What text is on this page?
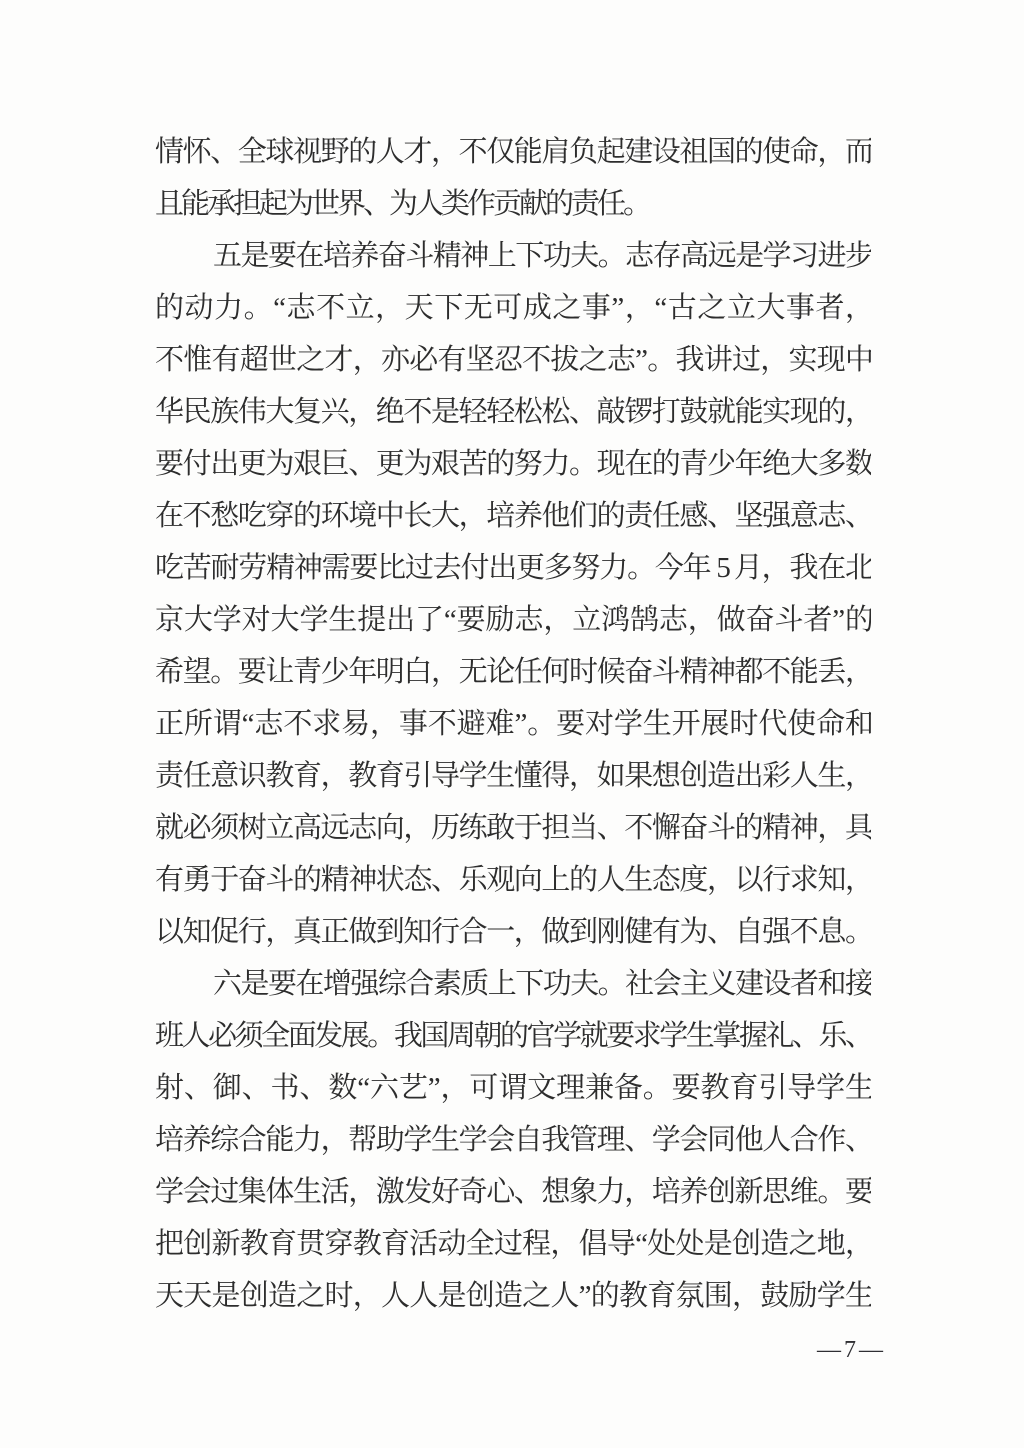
情怀、全球视野的人才，不仅能肩负起建设祖国的使命，而
且能承担起为世界、为人类作贡献的责任。
五是要在培养奋斗精神上下功夫。志存高远是学习进步
的动力。“志不立，天下无可成之事”，“古之立大事者，
不惟有超世之才，亦必有坚忍不拔之志”。我讲过，实现中
华民族伟大复兴，绝不是轻轻松松、敲锣打鼓就能实现的，
要付出更为艰巨、更为艰苦的努力。现在的青少年绝大多数
在不愁吃穿的环境中长大，培养他们的责任感、坚强意志、
吃苦耐劳精神需要比过去付出更多努力。今年 5 月，我在北
京大学对大学生提出了“要励志，立鸿鹄志，做奋斗者”的
希望。要让青少年明白，无论任何时候奋斗精神都不能丢，
正所谓“志不求易，事不避难”。要对学生开展时代使命和
责任意识教育，教育引导学生懂得，如果想创造出彩人生，
就必须树立高远志向，历练敢于担当、不懈奋斗的精神，具
有勇于奋斗的精神状态、乐观向上的人生态度，以行求知，
以知促行，真正做到知行合一，做到刚健有为、自强不息。
六是要在增强综合素质上下功夫。社会主义建设者和接
班人必须全面发展。我国周朝的官学就要求学生掌握礼、乐、
射、御、书、数“六艺”，可谓文理兼备。要教育引导学生
培养综合能力，帮助学生学会自我管理、学会同他人合作、
学会过集体生活，激发好奇心、想象力，培养创新思维。要
把创新教育贯穿教育活动全过程，倡导“处处是创造之地，
天天是创造之时，人人是创造之人”的教育氛围，鼓励学生
—7—
